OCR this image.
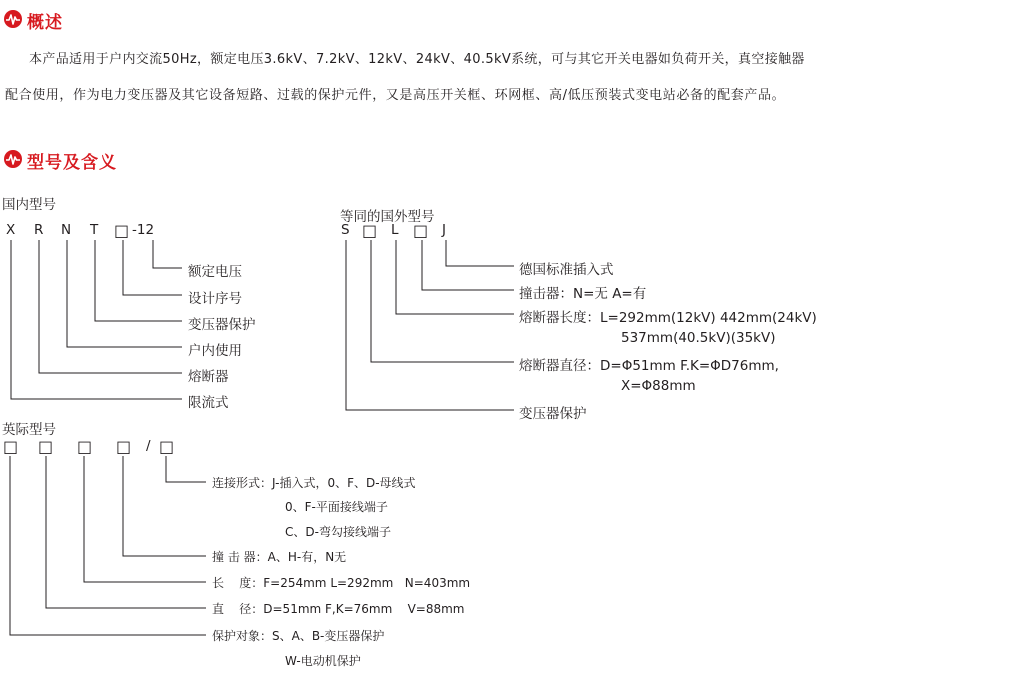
概述
本产品适用于户内交流50Hz，额定电压3.6kV、7.2kV、12kV、24kV、40.5kV系统，可与其它开关电器如负荷开关，真空接触器
配合使用，作为电力变压器及其它设备短路、过载的保护元件，又是高压开关框、环网框、高/低压预装式变电站必备的配套产品。
型号及含义
国内型号
X R N T □ -12
额定电压
设计序号
变压器保护
户内使用
熔断器
限流式
等同的国外型号
S □ L □ J
德国标准插入式
撞击器：N=无 A=有
熔断器长度：L=292mm(12kV) 442mm(24kV)
537mm(40.5kV)(35kV)
熔断器直径：D=Φ51mm F.K=ΦD76mm,
X=Φ88mm
变压器保护
英际型号
□ □ □ □ / □
连接形式：J-插入式，0、F、D-母线式
0、F-平面接线端子
C、D-弯勾接线端子
撞 击 器：A、H-有，N无
长    度：F=254mm L=292mm   N=403mm
直    径：D=51mm F,K=76mm    V=88mm
保护对象：S、A、B-变压器保护
W-电动机保护
